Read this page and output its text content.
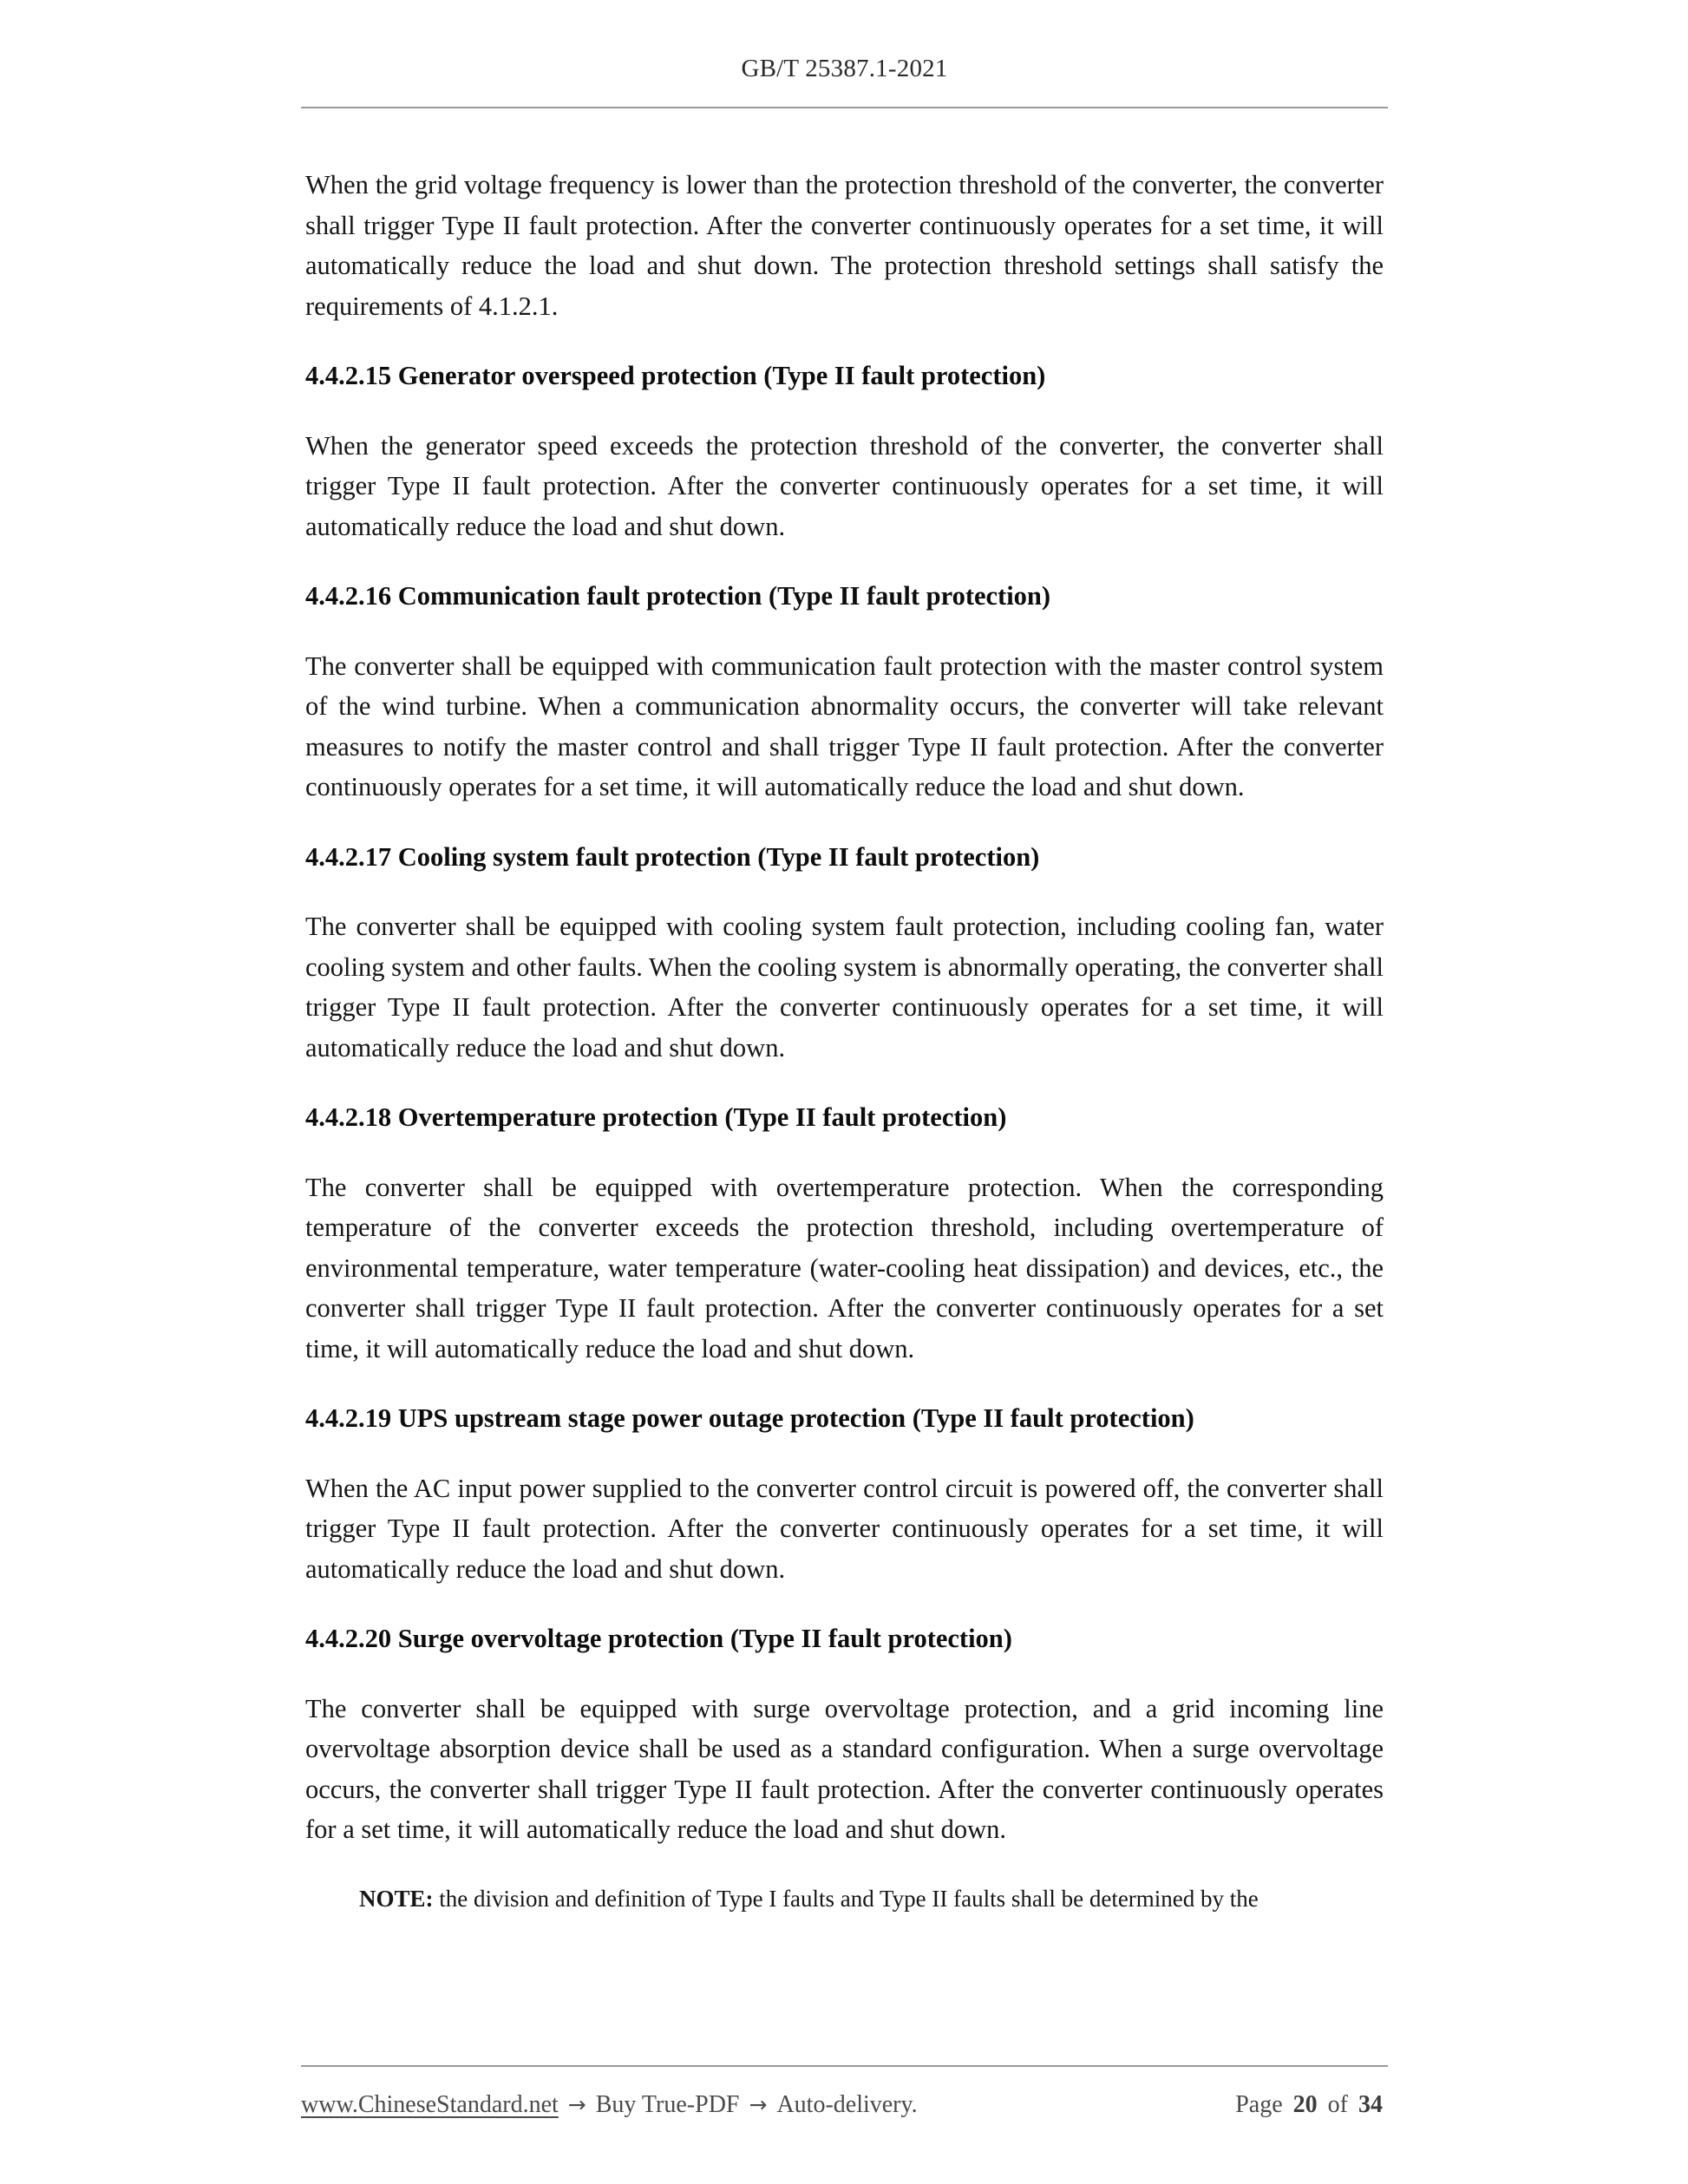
GB/T 25387.1-2021

When the grid voltage frequency is lower than the protection threshold of the converter, the converter shall trigger Type II fault protection. After the converter continuously operates for a set time, it will automatically reduce the load and shut down. The protection threshold settings shall satisfy the requirements of 4.1.2.1.

4.4.2.15 Generator overspeed protection (Type II fault protection)

When the generator speed exceeds the protection threshold of the converter, the converter shall trigger Type II fault protection. After the converter continuously operates for a set time, it will automatically reduce the load and shut down.

4.4.2.16 Communication fault protection (Type II fault protection)

The converter shall be equipped with communication fault protection with the master control system of the wind turbine. When a communication abnormality occurs, the converter will take relevant measures to notify the master control and shall trigger Type II fault protection. After the converter continuously operates for a set time, it will automatically reduce the load and shut down.

4.4.2.17 Cooling system fault protection (Type II fault protection)

The converter shall be equipped with cooling system fault protection, including cooling fan, water cooling system and other faults. When the cooling system is abnormally operating, the converter shall trigger Type II fault protection. After the converter continuously operates for a set time, it will automatically reduce the load and shut down.

4.4.2.18 Overtemperature protection (Type II fault protection)

The converter shall be equipped with overtemperature protection. When the corresponding temperature of the converter exceeds the protection threshold, including overtemperature of environmental temperature, water temperature (water-cooling heat dissipation) and devices, etc., the converter shall trigger Type II fault protection. After the converter continuously operates for a set time, it will automatically reduce the load and shut down.

4.4.2.19 UPS upstream stage power outage protection (Type II fault protection)

When the AC input power supplied to the converter control circuit is powered off, the converter shall trigger Type II fault protection. After the converter continuously operates for a set time, it will automatically reduce the load and shut down.

4.4.2.20 Surge overvoltage protection (Type II fault protection)

The converter shall be equipped with surge overvoltage protection, and a grid incoming line overvoltage absorption device shall be used as a standard configuration. When a surge overvoltage occurs, the converter shall trigger Type II fault protection. After the converter continuously operates for a set time, it will automatically reduce the load and shut down.

NOTE: the division and definition of Type I faults and Type II faults shall be determined by the

www.ChineseStandard.net → Buy True-PDF → Auto-delivery.	Page 20 of 34
